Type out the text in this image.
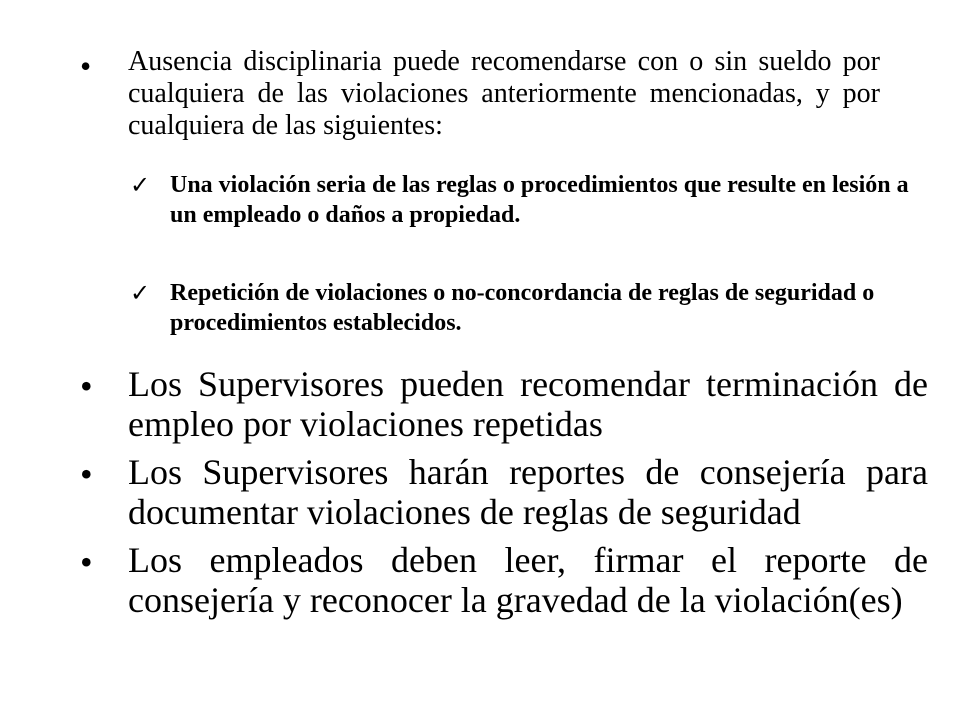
• Ausencia disciplinaria puede recomendarse con o sin sueldo por cualquiera de las violaciones anteriormente mencionadas, y por cualquiera de las siguientes:
✓ Una violación seria de las reglas o procedimientos que resulte en lesión a un empleado o daños a propiedad.
✓ Repetición de violaciones o no-concordancia de reglas de seguridad o procedimientos establecidos.
• Los Supervisores pueden recomendar terminación de empleo por violaciones repetidas
• Los Supervisores harán reportes de consejería para documentar violaciones de reglas de seguridad
• Los empleados deben leer, firmar el reporte de consejería y reconocer la gravedad de la violación(es)
